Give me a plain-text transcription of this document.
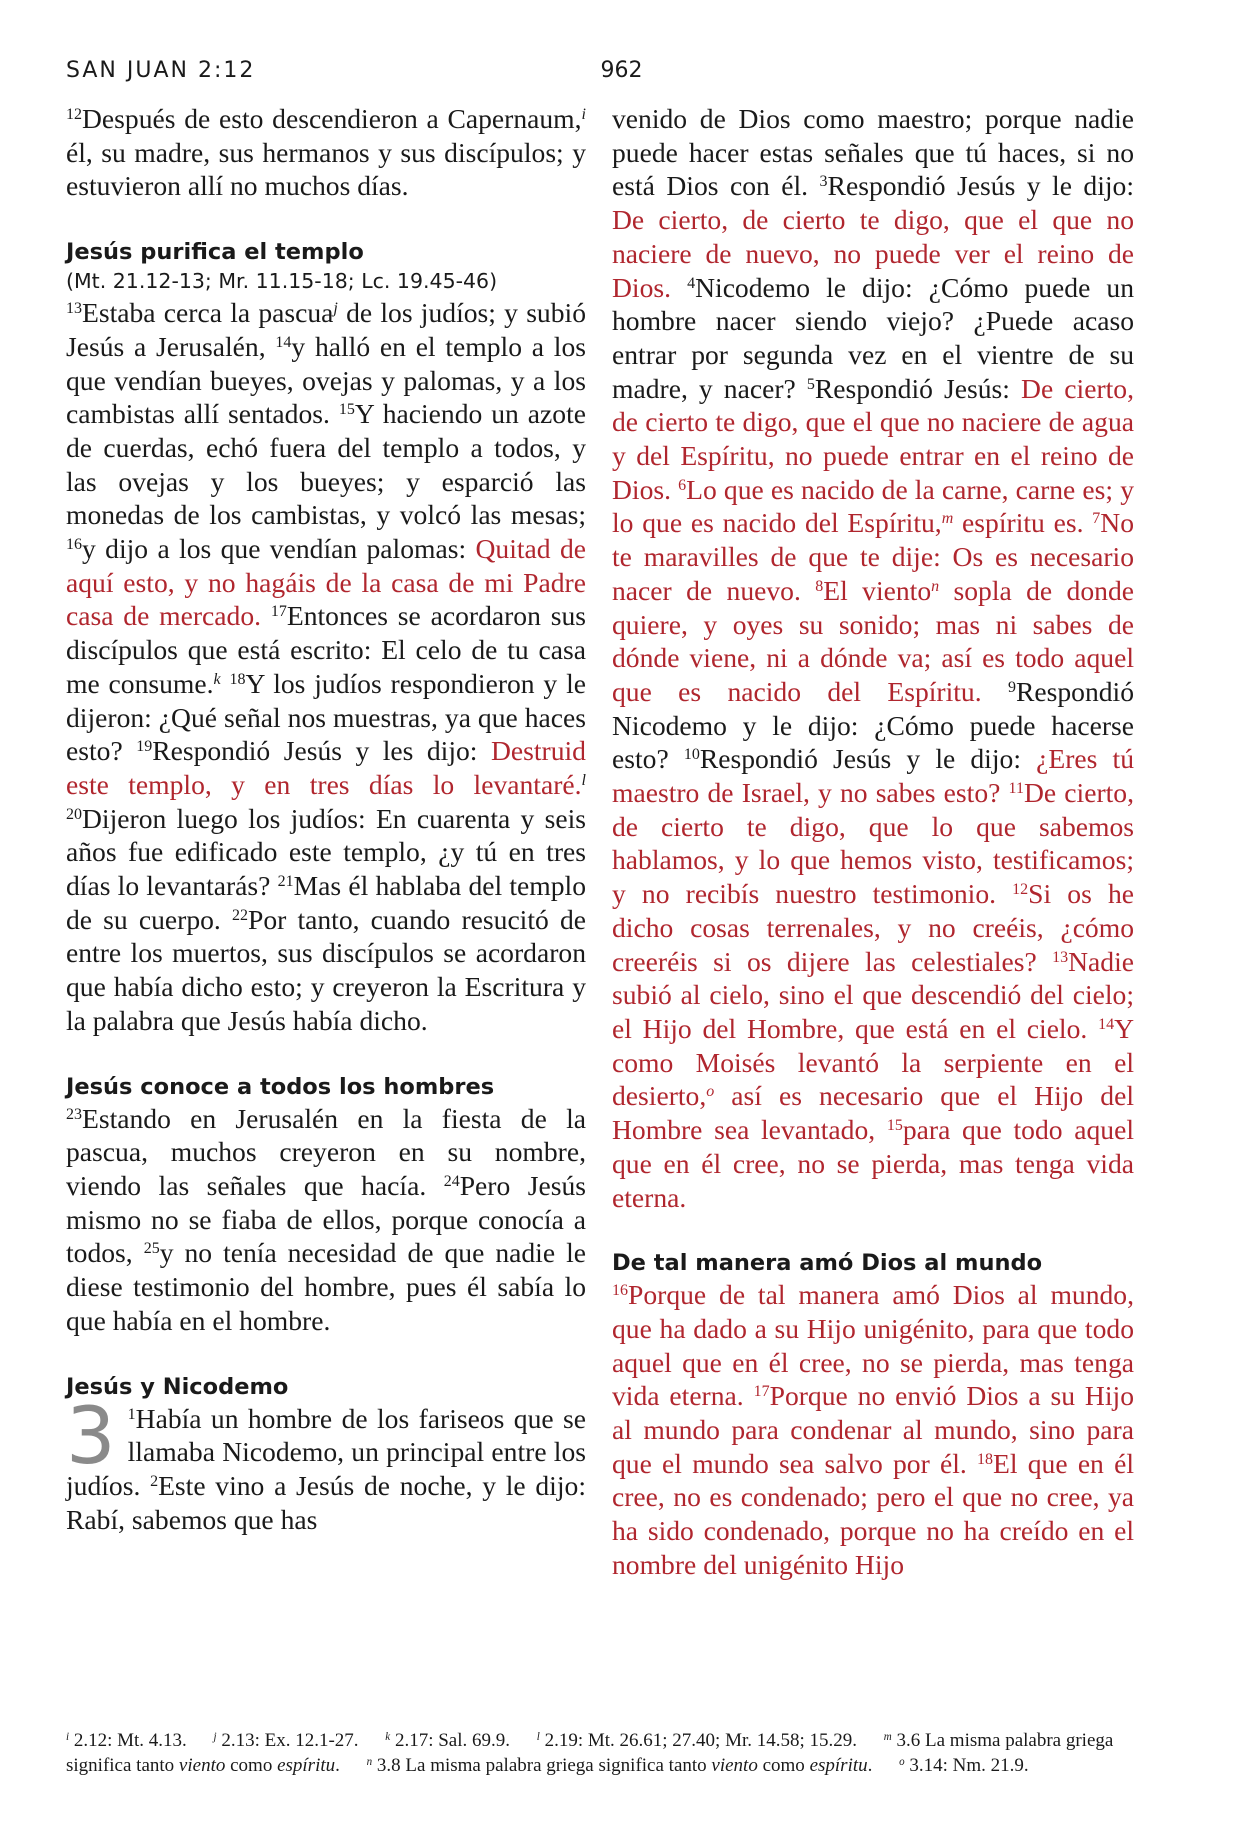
SAN JUAN 2:12	962

$^{12}$Después de esto descendieron a Capernaum,$^i$ él, su madre, sus hermanos y sus discípulos; y estuvieron allí no muchos días.

Jesús purifica el templo
(Mt. 21.12-13; Mr. 11.15-18; Lc. 19.45-46)

$^{13}$Estaba cerca la pascua$^j$ de los judíos; y subió Jesús a Jerusalén, $^{14}$y halló en el templo a los que vendían bueyes, ovejas y palomas, y a los cambistas allí sentados. $^{15}$Y haciendo un azote de cuerdas, echó fuera del templo a todos, y las ovejas y los bueyes; y esparció las monedas de los cambistas, y volcó las mesas; $^{16}$y dijo a los que vendían palomas: Quitad de aquí esto, y no hagáis de la casa de mi Padre casa de mercado. $^{17}$Entonces se acordaron sus discípulos que está escrito: El celo de tu casa me consume.$^k$ $^{18}$Y los judíos respondieron y le dijeron: ¿Qué señal nos muestras, ya que haces esto? $^{19}$Respondió Jesús y les dijo: Destruid este templo, y en tres días lo levantaré.$^l$ $^{20}$Dijeron luego los judíos: En cuarenta y seis años fue edificado este templo, ¿y tú en tres días lo levantarás? $^{21}$Mas él hablaba del templo de su cuerpo. $^{22}$Por tanto, cuando resucitó de entre los muertos, sus discípulos se acordaron que había dicho esto; y creyeron la Escritura y la palabra que Jesús había dicho.

Jesús conoce a todos los hombres

$^{23}$Estando en Jerusalén en la fiesta de la pascua, muchos creyeron en su nombre, viendo las señales que hacía. $^{24}$Pero Jesús mismo no se fiaba de ellos, porque conocía a todos, $^{25}$y no tenía necesidad de que nadie le diese testimonio del hombre, pues él sabía lo que había en el hombre.

Jesús y Nicodemo

3 $^1$Había un hombre de los fariseos que se llamaba Nicodemo, un principal entre los judíos. $^2$Este vino a Jesús de noche, y le dijo: Rabí, sabemos que has

venido de Dios como maestro; porque nadie puede hacer estas señales que tú haces, si no está Dios con él. $^3$Respondió Jesús y le dijo: De cierto, de cierto te digo, que el que no naciere de nuevo, no puede ver el reino de Dios. $^4$Nicodemo le dijo: ¿Cómo puede un hombre nacer siendo viejo? ¿Puede acaso entrar por segunda vez en el vientre de su madre, y nacer? $^5$Respondió Jesús: De cierto, de cierto te digo, que el que no naciere de agua y del Espíritu, no puede entrar en el reino de Dios. $^6$Lo que es nacido de la carne, carne es; y lo que es nacido del Espíritu,$^m$ espíritu es. $^7$No te maravilles de que te dije: Os es necesario nacer de nuevo. $^8$El viento$^n$ sopla de donde quiere, y oyes su sonido; mas ni sabes de dónde viene, ni a dónde va; así es todo aquel que es nacido del Espíritu. $^9$Respondió Nicodemo y le dijo: ¿Cómo puede hacerse esto? $^{10}$Respondió Jesús y le dijo: ¿Eres tú maestro de Israel, y no sabes esto? $^{11}$De cierto, de cierto te digo, que lo que sabemos hablamos, y lo que hemos visto, testificamos; y no recibís nuestro testimonio. $^{12}$Si os he dicho cosas terrenales, y no creéis, ¿cómo creeréis si os dijere las celestiales? $^{13}$Nadie subió al cielo, sino el que descendió del cielo; el Hijo del Hombre, que está en el cielo. $^{14}$Y como Moisés levantó la serpiente en el desierto,$^o$ así es necesario que el Hijo del Hombre sea levantado, $^{15}$para que todo aquel que en él cree, no se pierda, mas tenga vida eterna.

De tal manera amó Dios al mundo

$^{16}$Porque de tal manera amó Dios al mundo, que ha dado a su Hijo unigénito, para que todo aquel que en él cree, no se pierda, mas tenga vida eterna. $^{17}$Porque no envió Dios a su Hijo al mundo para condenar al mundo, sino para que el mundo sea salvo por él. $^{18}$El que en él cree, no es condenado; pero el que no cree, ya ha sido condenado, porque no ha creído en el nombre del unigénito Hijo

$^i$ 2.12: Mt. 4.13. $^j$ 2.13: Ex. 12.1-27. $^k$ 2.17: Sal. 69.9. $^l$ 2.19: Mt. 26.61; 27.40; Mr. 14.58; 15.29. $^m$ 3.6 La misma palabra griega significa tanto viento como espíritu. $^n$ 3.8 La misma palabra griega significa tanto viento como espíritu. $^o$ 3.14: Nm. 21.9.
